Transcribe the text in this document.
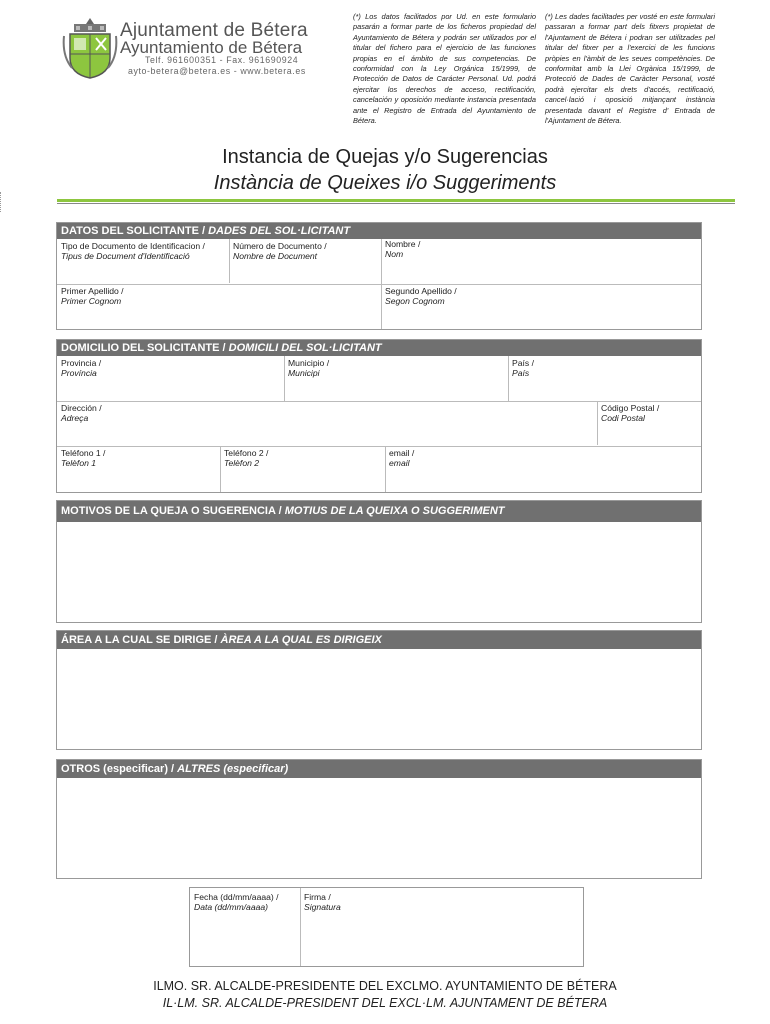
Ajuntament de Bétera
Ayuntamiento de Bétera
Telf. 961600351 - Fax. 961690924
ayto-betera@betera.es - www.betera.es
(*) Los datos facilitados por Ud. en este formulario pasarán a formar parte de los ficheros propiedad del Ayuntamiento de Bétera y podrán ser utilizados por el titular del fichero para el ejercicio de las funciones propias en el ámbito de sus competencias. De conformidad con la Ley Orgánica 15/1999, de Protección de Datos de Carácter Personal. Ud. podrá ejercitar los derechos de acceso, rectificación, cancelación y oposición mediante instancia presentada ante el Registro de Entrada del Ayuntamiento de Bétera.
(*) Les dades facilitades per vosté en este formulari passaran a formar part dels fitxers propietat de l'Ajuntament de Bétera i podran ser utilitzades pel titular del fitxer per a l'exercici de les funcions pròpies en l'àmbit de les seues competències. De conformitat amb la Llei Orgànica 15/1999, de Protecció de Dades de Caràcter Personal, vosté podrà ejercitar els drets d'accés, rectificació, cancel·lació i oposició mitjançant instància presentada davant el Registre d' Entrada de l'Ajuntament de Bétera.
Instancia de Quejas y/o Sugerencias
Instància de Queixes i/o Suggeriments
DATOS DEL SOLICITANTE / DADES DEL SOL·LICITANT
Tipo de Documento de Identificacion /
Tipus de Document d'Identificació
Número de Documento /
Nombre de Document
Nombre /
Nom
Primer Apellido /
Primer Cognom
Segundo Apellido /
Segon Cognom
DOMICILIO DEL SOLICITANTE / DOMICILI DEL SOL·LICITANT
Provincia /
Província
Municipio /
Municipi
País /
País
Dirección /
Adreça
Código Postal /
Codi Postal
Teléfono 1 /
Telèfon 1
Teléfono 2 /
Telèfon 2
email /
email
MOTIVOS DE LA QUEJA O SUGERENCIA / MOTIUS DE LA QUEIXA O SUGGERIMENT
ÁREA A LA CUAL SE DIRIGE / ÀREA A LA QUAL ES DIRIGEIX
OTROS (especificar) / ALTRES (especificar)
Fecha (dd/mm/aaaa) /
Data (dd/mm/aaaa)
Firma /
Signatura
ILMO. SR. ALCALDE-PRESIDENTE DEL EXCLMO. AYUNTAMIENTO DE BÉTERA
IL·LM. SR. ALCALDE-PRESIDENT DEL EXCL·LM. AJUNTAMENT DE BÉTERA
